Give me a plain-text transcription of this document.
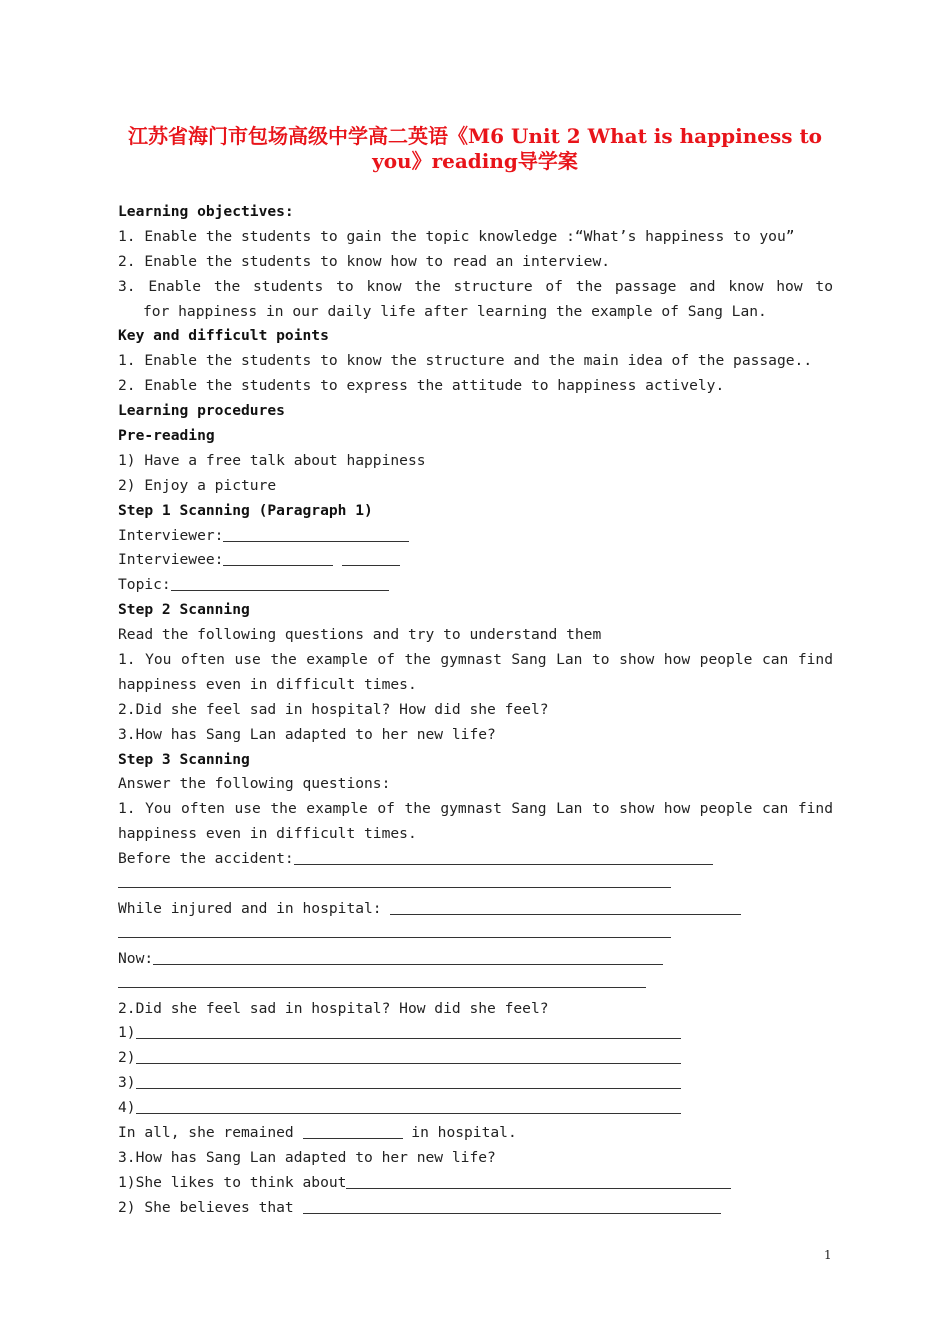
江苏省海门市包场高级中学高二英语《M6 Unit 2 What is happiness to you》reading导学案
Learning objectives:
1. Enable the students to gain the topic knowledge :“What’s happiness to you”
2. Enable the students to know how to read an interview.
3. Enable the students to know the structure of the passage and know how to
for happiness in our daily life after learning the example of Sang Lan.
Key and difficult points
1. Enable the students to know the structure and the main idea of the passage..
2. Enable the students to express the attitude to happiness actively.
Learning procedures
Pre-reading
1) Have a free talk about happiness
2) Enjoy a picture
Step 1 Scanning (Paragraph 1)
Interviewer:
Interviewee:
Topic:
Step 2 Scanning
Read the following questions and try to understand them
1. You often use the example of the gymnast Sang Lan to show how people can find
happiness even in difficult times.
2.Did she feel sad in hospital? How did she feel?
3.How has Sang Lan adapted to her new life?
Step 3 Scanning
Answer the following questions:
1. You often use the example of the gymnast Sang Lan to show how people can find
happiness even in difficult times.
Before the accident:
While injured and in hospital:
Now:
2.Did she feel sad in hospital? How did she feel?
1)
2)
3)
4)
In all, she remained	in hospital.
3.How has Sang Lan adapted to her new life?
1)She likes to think about
2) She believes that
1
